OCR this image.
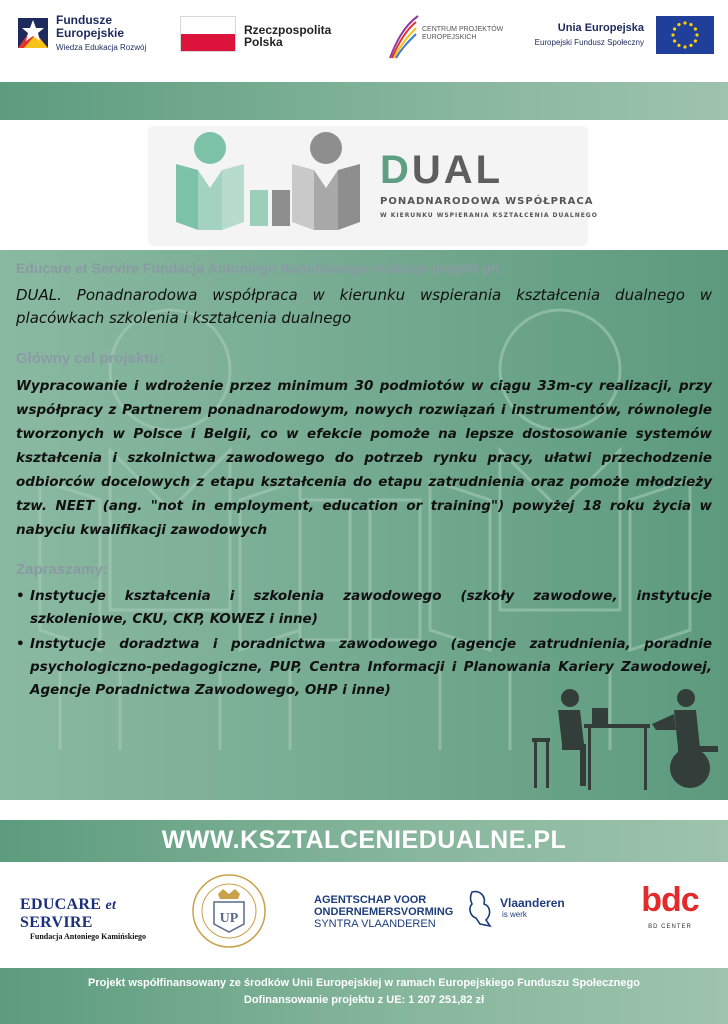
Fundusze
Europejskie
Wiedza Edukacja Rozwój
Rzeczpospolita
Polska
CENTRUM PROJEKTÓW
EUROPEJSKICH
Unia Europejska
Europejski Fundusz Społeczny
DUAL
PONADNARODOWA WSPÓŁPRACA
W KIERUNKU WSPIERANIA KSZTAŁCENIA DUALNEGO
Educare et Servire Fundacja Antoniego Kamińskiego realizuje projekt pn.
DUAL. Ponadnarodowa współpraca w kierunku wspierania kształcenia dualnego w placówkach szkolenia i kształcenia dualnego
Główny cel projektu:
Wypracowanie i wdrożenie przez minimum 30 podmiotów w ciągu 33m-cy realizacji, przy współpracy z Partnerem ponadnarodowym, nowych rozwiązań i instrumentów, równolegle tworzonych w Polsce i Belgii, co w efekcie pomoże na lepsze dostosowanie systemów kształcenia i szkolnictwa zawodowego do potrzeb rynku pracy, ułatwi przechodzenie odbiorców docelowych z etapu kształcenia do etapu zatrudnienia oraz pomoże młodzieży tzw. NEET (ang. "not in employment, education or training") powyżej 18 roku życia w nabyciu kwalifikacji zawodowych
Zapraszamy:
• Instytucje kształcenia i szkolenia zawodowego (szkoły zawodowe, instytucje szkoleniowe, CKU, CKP, KOWEZ i inne)
• Instytucje doradztwa i poradnictwa zawodowego (agencje zatrudnienia, poradnie psychologiczno-pedagogiczne, PUP, Centra Informacji i Planowania Kariery Zawodowej, Agencje Poradnictwa Zawodowego, OHP i inne)
WWW.KSZTALCENIEDUALNE.PL
EDUCARE et SERVIRE
Fundacja Antoniego Kamińskiego
UP
AGENTSCHAP VOOR
ONDERNEMERSVORMING
SYNTRA VLAANDEREN
Vlaanderen
is werk	bdc
BD CENTER
Projekt współfinansowany ze środków Unii Europejskiej w ramach Europejskiego Funduszu Społecznego
Dofinansowanie projektu z UE: 1 207 251,82 zł
